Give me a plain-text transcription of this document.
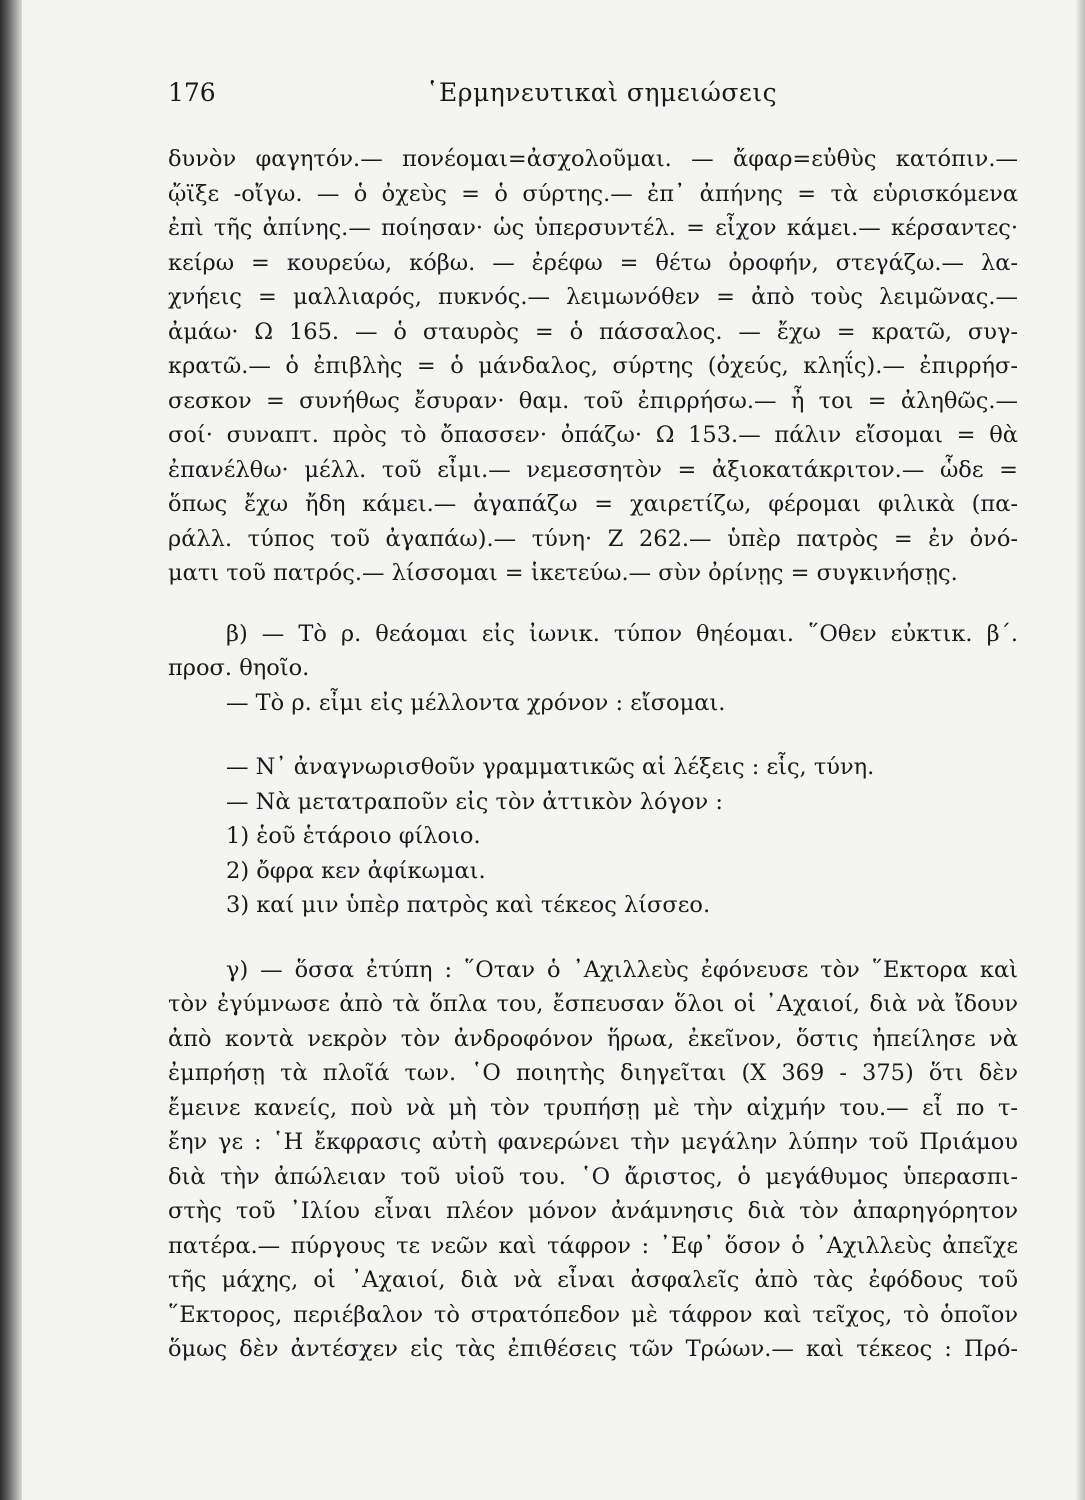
176	῾Ερμηνευτικαὶ σημειώσεις
δυνὸν φαγητόν.— πονέομαι=ἀσχολοῦμαι. — ἄφαρ=εὐθὺς κατόπιν.—
ᾤϊξε -οἴγω. — ὁ ὀχεὺς = ὁ σύρτης.— ἐπ᾽ ἀπήνης = τὰ εὑρισκόμενα
ἐπὶ τῆς ἀπίνης.— ποίησαν· ὡς ὑπερσυντέλ. = εἶχον κάμει.— κέρσαντες·
κείρω = κουρεύω, κόβω. — ἐρέφω = θέτω ὀροφήν, στεγάζω.— λα-
χνήεις = μαλλιαρός, πυκνός.— λειμωνόθεν = ἀπὸ τοὺς λειμῶνας.—
ἀμάω· Ω 165. — ὁ σταυρὸς = ὁ πάσσαλος. — ἔχω = κρατῶ, συγ-
κρατῶ.— ὁ ἐπιβλὴς = ὁ μάνδαλος, σύρτης (ὀχεύς, κληΐς).— ἐπιρρήσ-
σεσκον = συνήθως ἔσυραν· θαμ. τοῦ ἐπιρρήσω.— ἦ τοι = ἀληθῶς.—
σοί· συναπτ. πρὸς τὸ ὄπασσεν· ὀπάζω· Ω 153.— πάλιν εἴσομαι = θὰ
ἐπανέλθω· μέλλ. τοῦ εἶμι.— νεμεσσητὸν = ἀξιοκατάκριτον.— ὧδε =
ὅπως ἔχω ἤδη κάμει.— ἀγαπάζω = χαιρετίζω, φέρομαι φιλικὰ (πα-
ράλλ. τύπος τοῦ ἀγαπάω).— τύνη· Ζ 262.— ὑπὲρ πατρὸς = ἐν ὀνό-
ματι τοῦ πατρός.— λίσσομαι = ἱκετεύω.— σὺν ὀρίνῃς = συγκινήσῃς.
β) — Τὸ ρ. θεάομαι εἰς ἰωνικ. τύπον θηέομαι. ῞Οθεν εὐκτικ. β΄.
προσ. θηοῖο.
— Τὸ ρ. εἶμι εἰς μέλλοντα χρόνον : εἴσομαι.
— Ν᾽ ἀναγνωρισθοῦν γραμματικῶς αἱ λέξεις : εἷς, τύνη.
— Νὰ μετατραποῦν εἰς τὸν ἀττικὸν λόγον :
1) ἑοῦ ἑτάροιο φίλοιο.
2) ὄφρα κεν ἀφίκωμαι.
3) καί μιν ὑπὲρ πατρὸς καὶ τέκεος λίσσεο.
γ) — ὅσσα ἐτύπη : ῞Οταν ὁ ᾽Αχιλλεὺς ἐφόνευσε τὸν ῞Εκτορα καὶ
τὸν ἐγύμνωσε ἀπὸ τὰ ὅπλα του, ἔσπευσαν ὅλοι οἱ ᾽Αχαιοί, διὰ νὰ ἴδουν
ἀπὸ κοντὰ νεκρὸν τὸν ἀνδροφόνον ἥρωα, ἐκεῖνον, ὅστις ἠπείλησε νὰ
ἐμπρήσῃ τὰ πλοῖά των. ῾Ο ποιητὴς διηγεῖται (Χ 369 - 375) ὅτι δὲν
ἔμεινε κανείς, ποὺ νὰ μὴ τὸν τρυπήσῃ μὲ τὴν αἰχμήν του.— εἶ πο τ-
ἔην γε : ῾Η ἔκφρασις αὐτὴ φανερώνει τὴν μεγάλην λύπην τοῦ Πριάμου
διὰ τὴν ἀπώλειαν τοῦ υἱοῦ του. ῾Ο ἄριστος, ὁ μεγάθυμος ὑπερασπι-
στὴς τοῦ ᾽Ιλίου εἶναι πλέον μόνον ἀνάμνησις διὰ τὸν ἀπαρηγόρητον
πατέρα.— πύργους τε νεῶν καὶ τάφρον : ᾽Εφ᾽ ὅσον ὁ ᾽Αχιλλεὺς ἀπεῖχε
τῆς μάχης, οἱ ᾽Αχαιοί, διὰ νὰ εἶναι ἀσφαλεῖς ἀπὸ τὰς ἐφόδους τοῦ
῞Εκτορος, περιέβαλον τὸ στρατόπεδον μὲ τάφρον καὶ τεῖχος, τὸ ὁποῖον
ὅμως δὲν ἀντέσχεν εἰς τὰς ἐπιθέσεις τῶν Τρώων.— καὶ τέκεος : Πρό-
